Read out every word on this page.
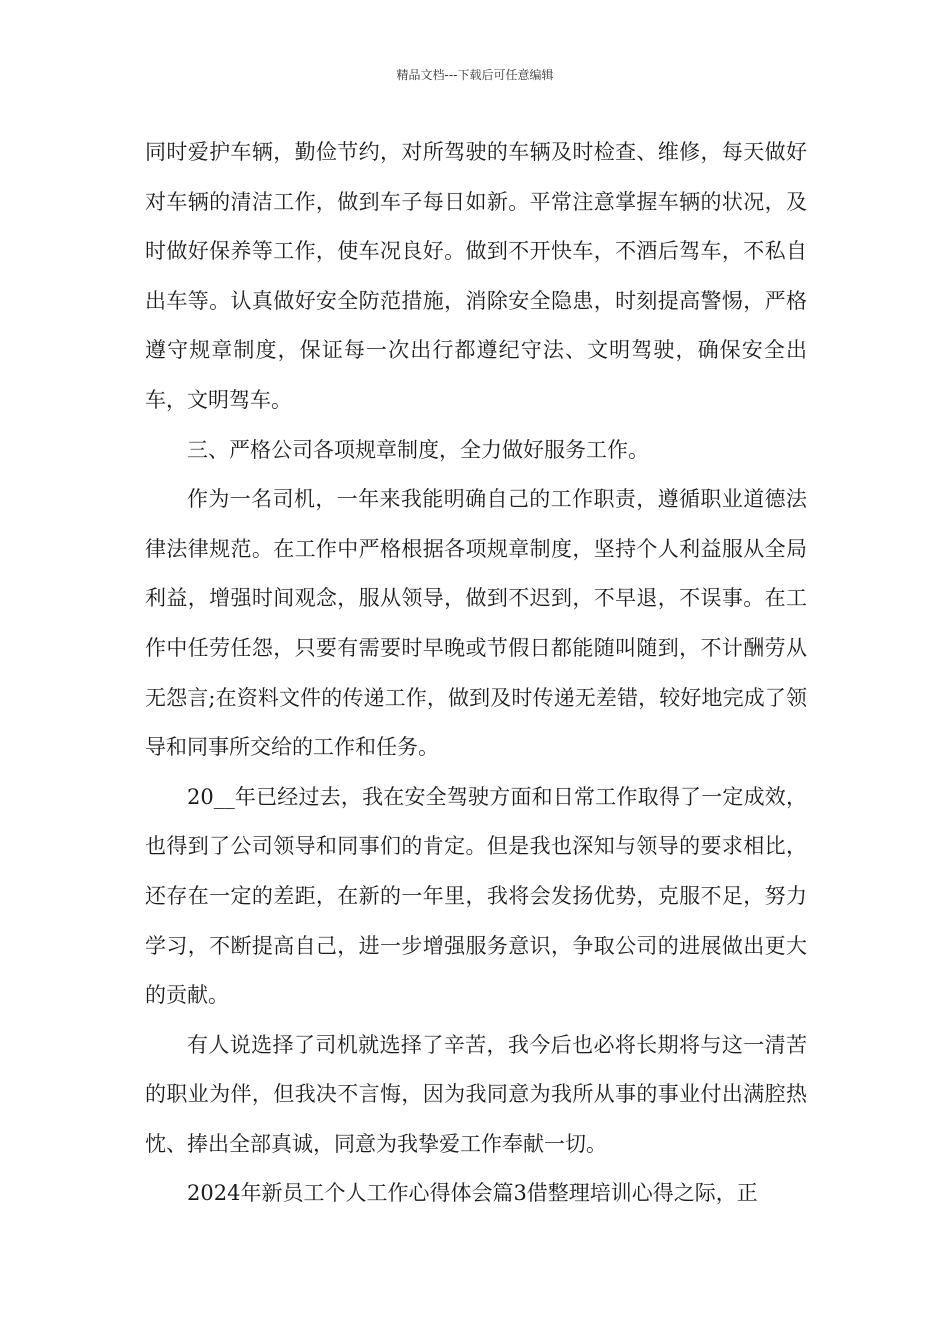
精品文档---下载后可任意编辑

同时爱护车辆，勤俭节约，对所驾驶的车辆及时检查、维修，每天做好对车辆的清洁工作，做到车子每日如新。平常注意掌握车辆的状况，及时做好保养等工作，使车况良好。做到不开快车，不酒后驾车，不私自出车等。认真做好安全防范措施，消除安全隐患，时刻提高警惕，严格遵守规章制度，保证每一次出行都遵纪守法、文明驾驶，确保安全出车，文明驾车。

三、严格公司各项规章制度，全力做好服务工作。

作为一名司机，一年来我能明确自己的工作职责，遵循职业道德法律法律规范。在工作中严格根据各项规章制度，坚持个人利益服从全局利益，增强时间观念，服从领导，做到不迟到，不早退，不误事。在工作中任劳任怨，只要有需要时早晚或节假日都能随叫随到，不计酬劳从无怨言;在资料文件的传递工作，做到及时传递无差错，较好地完成了领导和同事所交给的工作和任务。

20__年已经过去，我在安全驾驶方面和日常工作取得了一定成效，也得到了公司领导和同事们的肯定。但是我也深知与领导的要求相比，还存在一定的差距，在新的一年里，我将会发扬优势，克服不足，努力学习，不断提高自己，进一步增强服务意识，争取公司的进展做出更大的贡献。

有人说选择了司机就选择了辛苦，我今后也必将长期将与这一清苦的职业为伴，但我决不言悔，因为我同意为我所从事的事业付出满腔热忱、捧出全部真诚，同意为我挚爱工作奉献一切。

2024年新员工个人工作心得体会篇3借整理培训心得之际，正
